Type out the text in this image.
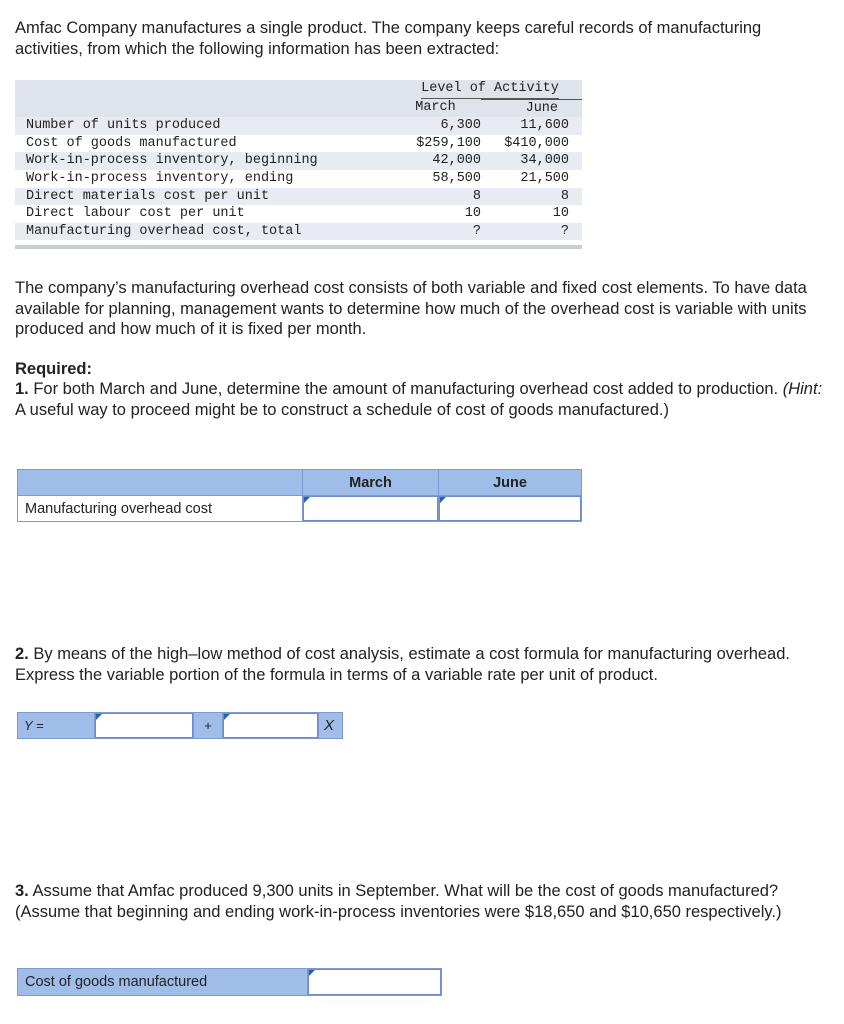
Amfac Company manufactures a single product. The company keeps careful records of manufacturing activities, from which the following information has been extracted:

	Level of Activity	
	March	June
Number of units produced	6,300	11,600
Cost of goods manufactured	$259,100	$410,000
Work-in-process inventory, beginning	42,000	34,000
Work-in-process inventory, ending	58,500	21,500
Direct materials cost per unit	8	8
Direct labour cost per unit	10	10
Manufacturing overhead cost, total	?	?

The company’s manufacturing overhead cost consists of both variable and fixed cost elements. To have data available for planning, management wants to determine how much of the overhead cost is variable with units produced and how much of it is fixed per month.

Required:

1. For both March and June, determine the amount of manufacturing overhead cost added to production. (Hint: A useful way to proceed might be to construct a schedule of cost of goods manufactured.)

	March	June
Manufacturing overhead cost	

2. By means of the high–low method of cost analysis, estimate a cost formula for manufacturing overhead. Express the variable portion of the formula in terms of a variable rate per unit of product.

Y =		+		X

3. Assume that Amfac produced 9,300 units in September. What will be the cost of goods manufactured? (Assume that beginning and ending work-in-process inventories were $18,650 and $10,650 respectively.)

Cost of goods manufactured	
